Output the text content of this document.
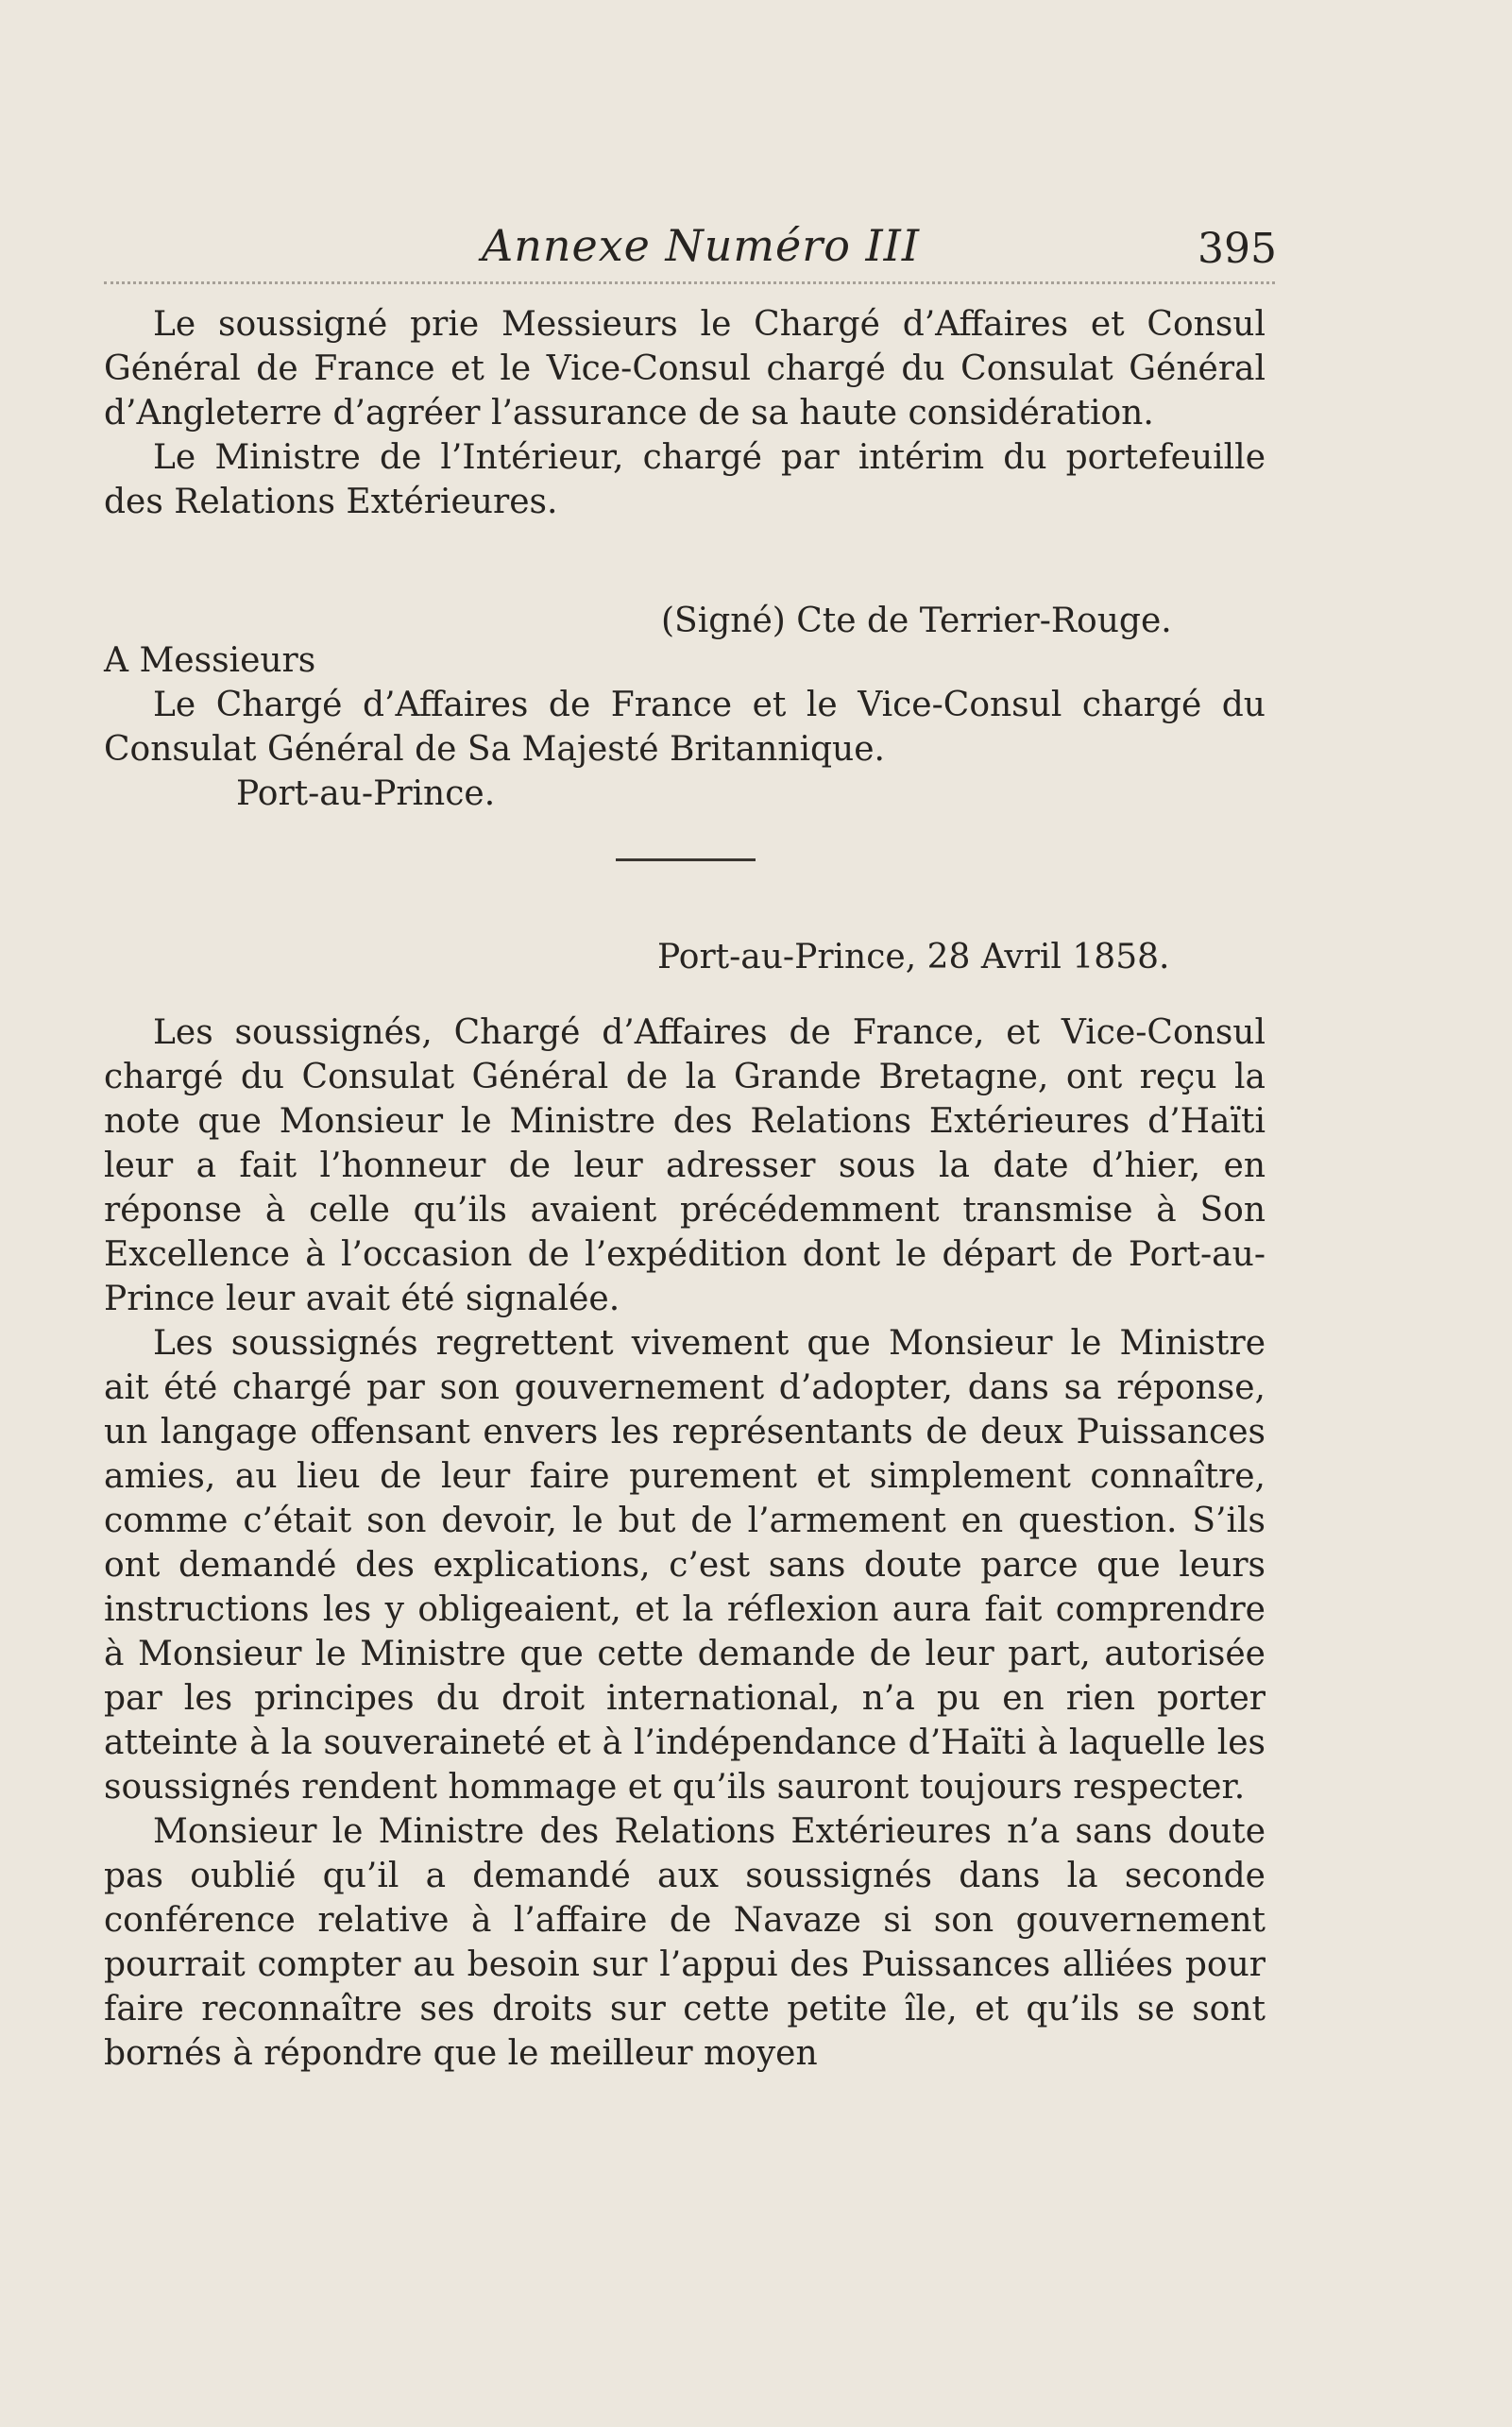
Annexe Numéro III	395

Le soussigné prie Messieurs le Chargé d’Affaires et Consul Général de France et le Vice-Consul chargé du Consulat Général d’Angleterre d’agréer l’assurance de sa haute considération.

Le Ministre de l’Intérieur, chargé par intérim du portefeuille des Relations Extérieures.

(Signé) Cte de Terrier-Rouge.

A Messieurs

Le Chargé d’Affaires de France et le Vice-Consul chargé du Consulat Général de Sa Majesté Britannique.

Port-au-Prince.

Port-au-Prince, 28 Avril 1858.

Les soussignés, Chargé d’Affaires de France, et Vice-Consul chargé du Consulat Général de la Grande Bretagne, ont reçu la note que Monsieur le Ministre des Relations Extérieures d’Haïti leur a fait l’honneur de leur adresser sous la date d’hier, en réponse à celle qu’ils avaient précédemment transmise à Son Excellence à l’occasion de l’expédition dont le départ de Port-au-Prince leur avait été signalée.

Les soussignés regrettent vivement que Monsieur le Ministre ait été chargé par son gouvernement d’adopter, dans sa réponse, un langage offensant envers les représentants de deux Puissances amies, au lieu de leur faire purement et simplement connaître, comme c’était son devoir, le but de l’armement en question. S’ils ont demandé des explications, c’est sans doute parce que leurs instructions les y obligeaient, et la réflexion aura fait comprendre à Monsieur le Ministre que cette demande de leur part, autorisée par les principes du droit international, n’a pu en rien porter atteinte à la souveraineté et à l’indépendance d’Haïti à laquelle les soussignés rendent hommage et qu’ils sauront toujours respecter.

Monsieur le Ministre des Relations Extérieures n’a sans doute pas oublié qu’il a demandé aux soussignés dans la seconde conférence relative à l’affaire de Navaze si son gouvernement pourrait compter au besoin sur l’appui des Puissances alliées pour faire reconnaître ses droits sur cette petite île, et qu’ils se sont bornés à répondre que le meilleur moyen
